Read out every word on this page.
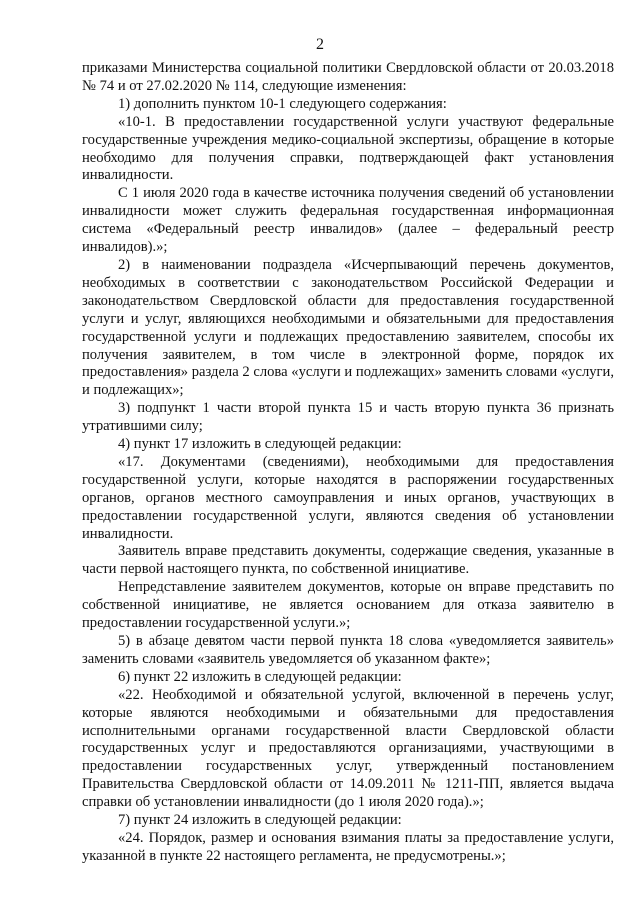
2

приказами Министерства социальной политики Свердловской области от 20.03.2018 № 74 и от 27.02.2020 № 114, следующие изменения:

1) дополнить пунктом 10-1 следующего содержания:

«10-1. В предоставлении государственной услуги участвуют федеральные государственные учреждения медико-социальной экспертизы, обращение в которые необходимо для получения справки, подтверждающей факт установления инвалидности.

С 1 июля 2020 года в качестве источника получения сведений об установлении инвалидности может служить федеральная государственная информационная система «Федеральный реестр инвалидов» (далее – федеральный реестр инвалидов).»;

2) в наименовании подраздела «Исчерпывающий перечень документов, необходимых в соответствии с законодательством Российской Федерации и законодательством Свердловской области для предоставления государственной услуги и услуг, являющихся необходимыми и обязательными для предоставления государственной услуги и подлежащих предоставлению заявителем, способы их получения заявителем, в том числе в электронной форме, порядок их предоставления» раздела 2 слова «услуги и подлежащих» заменить словами «услуги, и подлежащих»;

3) подпункт 1 части второй пункта 15 и часть вторую пункта 36 признать утратившими силу;

4) пункт 17 изложить в следующей редакции:

«17. Документами (сведениями), необходимыми для предоставления государственной услуги, которые находятся в распоряжении государственных органов, органов местного самоуправления и иных органов, участвующих в предоставлении государственной услуги, являются сведения об установлении инвалидности.

Заявитель вправе представить документы, содержащие сведения, указанные в части первой настоящего пункта, по собственной инициативе.

Непредставление заявителем документов, которые он вправе представить по собственной инициативе, не является основанием для отказа заявителю в предоставлении государственной услуги.»;

5) в абзаце девятом части первой пункта 18 слова «уведомляется заявитель» заменить словами «заявитель уведомляется об указанном факте»;

6) пункт 22 изложить в следующей редакции:

«22. Необходимой и обязательной услугой, включенной в перечень услуг, которые являются необходимыми и обязательными для предоставления исполнительными органами государственной власти Свердловской области государственных услуг и предоставляются организациями, участвующими в предоставлении государственных услуг, утвержденный постановлением Правительства Свердловской области от 14.09.2011 № 1211-ПП, является выдача справки об установлении инвалидности (до 1 июля 2020 года).»;

7) пункт 24 изложить в следующей редакции:

«24. Порядок, размер и основания взимания платы за предоставление услуги, указанной в пункте 22 настоящего регламента, не предусмотрены.»;
